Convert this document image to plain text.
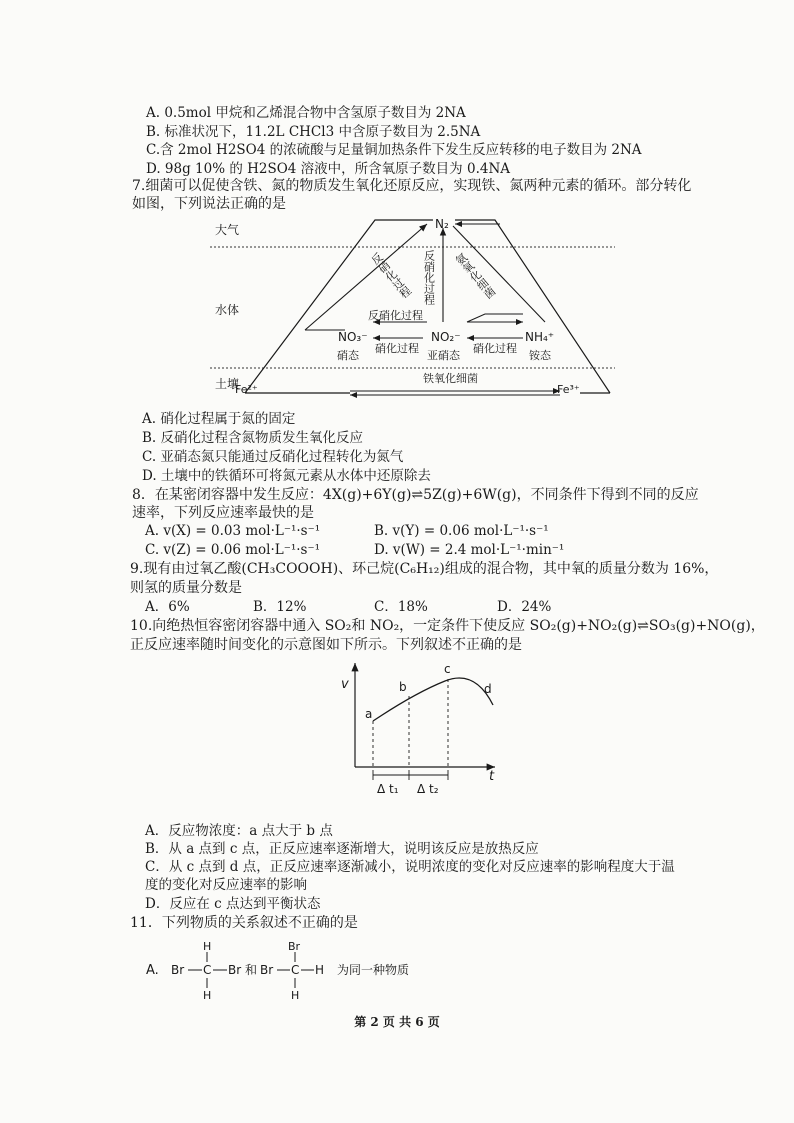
A. 0.5mol 甲烷和乙烯混合物中含氢原子数目为 2NA
B. 标准状况下，11.2L CHCl3 中含原子数目为 2.5NA
C.含 2mol H2SO4 的浓硫酸与足量铜加热条件下发生反应转移的电子数目为 2NA
D. 98g 10% 的 H2SO4 溶液中，所含氧原子数目为 0.4NA
7.细菌可以促使含铁、氮的物质发生氧化还原反应，实现铁、氮两种元素的循环。部分转化
如图，下列说法正确的是
大气
水体
土壤
N₂
NO₃⁻	NO₂⁻	NH₄⁺
硝态	亚硝态	铵态
Fe²⁺	Fe³⁺
反硝化过程 反硝化过程 氨氧化细菌
反硝化过程
硝化过程	硝化过程
铁氧化细菌
A. 硝化过程属于氮的固定
B. 反硝化过程含氮物质发生氧化反应
C. 亚硝态氮只能通过反硝化过程转化为氮气
D. 土壤中的铁循环可将氮元素从水体中还原除去
8．在某密闭容器中发生反应：4X(g)+6Y(g)⇌5Z(g)+6W(g)，不同条件下得到不同的反应
速率，下列反应速率最快的是
A. v(X) = 0.03 mol·L⁻¹·s⁻¹	B. v(Y) = 0.06 mol·L⁻¹·s⁻¹
C. v(Z) = 0.06 mol·L⁻¹·s⁻¹	D. v(W) = 2.4 mol·L⁻¹·min⁻¹
9.现有由过氧乙酸(CH₃COOOH)、环己烷(C₆H₁₂)组成的混合物，其中氧的质量分数为 16%，
则氢的质量分数是
A．6%	B．12%	C．18%	D．24%
10.向绝热恒容密闭容器中通入 SO₂和 NO₂，一定条件下使反应 SO₂(g)+NO₂(g)⇌SO₃(g)+NO(g)，
正反应速率随时间变化的示意图如下所示。下列叙述不正确的是
v
t
a
b
c
d
Δ t₁ Δ t₂
A．反应物浓度：a 点大于 b 点
B．从 a 点到 c 点，正反应速率逐渐增大，说明该反应是放热反应
C．从 c 点到 d 点，正反应速率逐渐减小，说明浓度的变化对反应速率的影响程度大于温
度的变化对反应速率的影响
D．反应在 c 点达到平衡状态
11．下列物质的关系叙述不正确的是
A. Br C
H
H
Br 和 Br C
Br
H
H 为同一种物质
第 2 页 共 6 页
